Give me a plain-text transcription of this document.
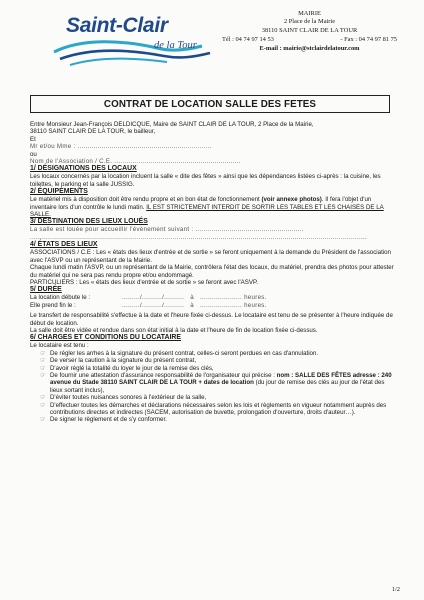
Saint-Clair
de la Tour
MAIRIE
2 Place de la Mairie
38110 SAINT CLAIR DE LA TOUR
Tél : 04 74 97 14 53	- Fax : 04 74 97 81 75
E-mail : mairie@stclairdelatour.com
CONTRAT DE LOCATION SALLE DES FETES

Entre Monsieur Jean-François DELDICQUE, Maire de SAINT CLAIR DE LA TOUR, 2 Place de la Mairie,

38110 SAINT CLAIR DE LA TOUR, le bailleur,

Et

Mr et/ou Mme : ...................................................................

ou

Nom de l'Association / C.E. ...............................................................

1/ DÉSIGNATIONS DES LOCAUX

Les locaux concernés par la location incluent la salle « dite des fêtes » ainsi que les dépendances listées ci-après : la cuisine, les toilettes, le parking et la salle JUSSIG.

2/ ÉQUIPEMENTS

Le matériel mis à disposition doit être rendu propre et en bon état de fonctionnement (voir annexe photos). Il fera l'objet d'un inventaire lors d'un contrôle le lundi matin. IL EST STRICTEMENT INTERDIT DE SORTIR LES TABLES ET LES CHAISES DE LA SALLE.

3/ DESTINATION DES LIEUX LOUÉS

La salle est louée pour accueillir l'évènement suivant : ......................................................

........................................................................................................................................................................

4/ ÉTATS DES LIEUX

ASSOCIATIONS / C.E : Les « états des lieux d'entrée et de sortie » se feront uniquement à la demande du Président de l'association avec l'ASVP ou un représentant de la Mairie.

Chaque lundi matin l'ASVP, ou un représentant de la Mairie, contrôlera l'état des locaux, du matériel, prendra des photos pour attester du matériel qui ne sera pas rendu propre et/ou endommagé.

PARTICULIERS : Les « états des lieux d'entrée et de sortie » se feront avec l'ASVP.

5/ DURÉE

La location débute le :	........./........../..........   à   ..................... heures.
Elle prend fin le :	........./........../..........   à   ..................... heures.

Le transfert de responsabilité s'effectue à la date et l'heure fixée ci-dessus. Le locataire est tenu de se présenter à l'heure indiquée de début de location.

La salle doit être vidée et rendue dans son état initial à la date et l'heure de fin de location fixée ci-dessus.

6/ CHARGES ET CONDITIONS DU LOCATAIRE

Le locataire est tenu :

☞ De régler les arrhes à la signature du présent contrat, celles-ci seront perdues en cas d'annulation.
☞ De verser la caution à la signature du présent contrat,
☞ D'avoir réglé la totalité du loyer le jour de la remise des clés,
☞ De fournir une attestation d'assurance responsabilité de l'organisateur qui précise : nom : SALLE DES FÊTES adresse : 240 avenue du Stade 38110 SAINT CLAIR DE LA TOUR + dates de location (du jour de remise des clés au jour de l'état des lieux sortant inclus),
☞ D'éviter toutes nuisances sonores à l'extérieur de la salle,
☞ D'effectuer toutes les démarches et déclarations nécessaires selon les lois et règlements en vigueur notamment auprès des contributions directes et indirectes (SACEM, autorisation de buvette, prolongation d'ouverture, droits d'auteur…).
☞ De signer le règlement et de s'y conformer.
1/2
